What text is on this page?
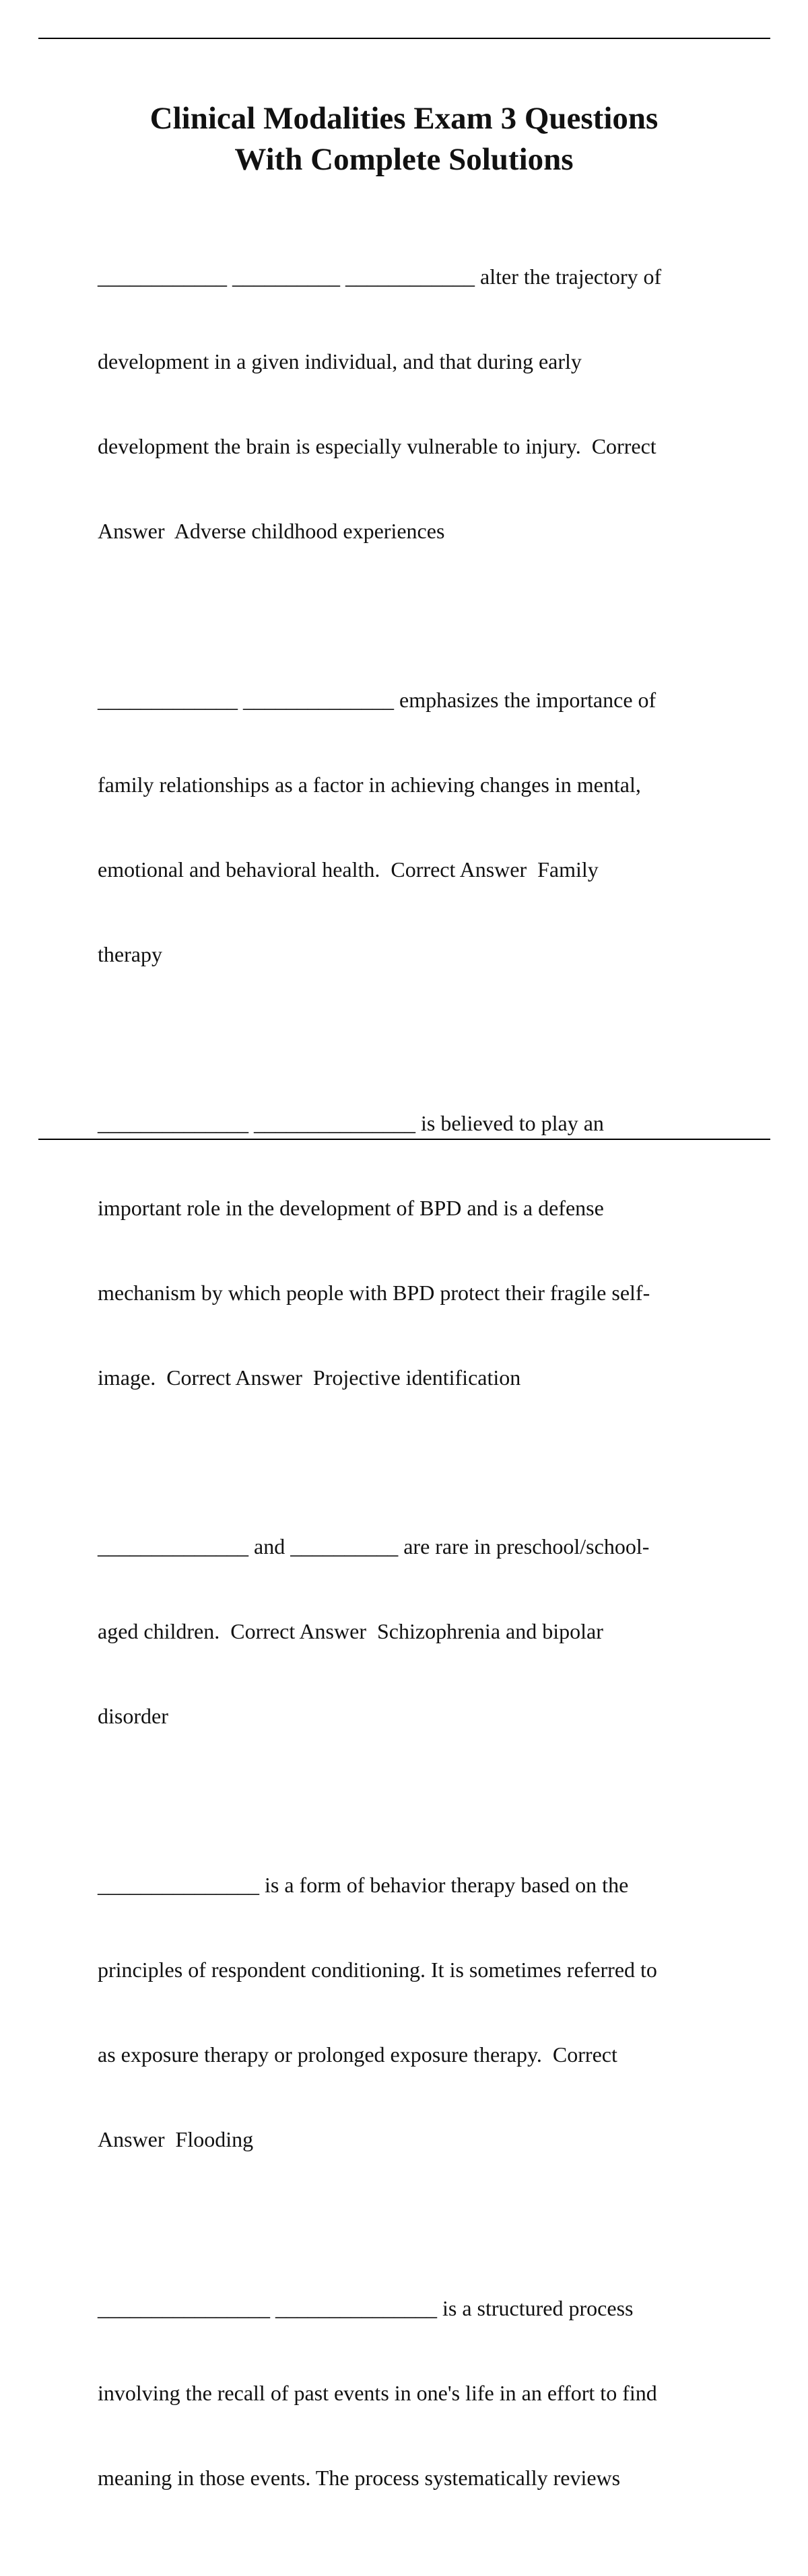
Clinical Modalities Exam 3 Questions
With Complete Solutions

____________ __________ ____________ alter the trajectory of

development in a given individual, and that during early

development the brain is especially vulnerable to injury.  Correct

Answer  Adverse childhood experiences

_____________ ______________ emphasizes the importance of

family relationships as a factor in achieving changes in mental,

emotional and behavioral health.  Correct Answer  Family

therapy

______________ _______________ is believed to play an

important role in the development of BPD and is a defense

mechanism by which people with BPD protect their fragile self-

image.  Correct Answer  Projective identification

______________ and __________ are rare in preschool/school-

aged children.  Correct Answer  Schizophrenia and bipolar

disorder

_______________ is a form of behavior therapy based on the

principles of respondent conditioning. It is sometimes referred to

as exposure therapy or prolonged exposure therapy.  Correct

Answer  Flooding

________________ _______________ is a structured process

involving the recall of past events in one's life in an effort to find

meaning in those events. The process systematically reviews
